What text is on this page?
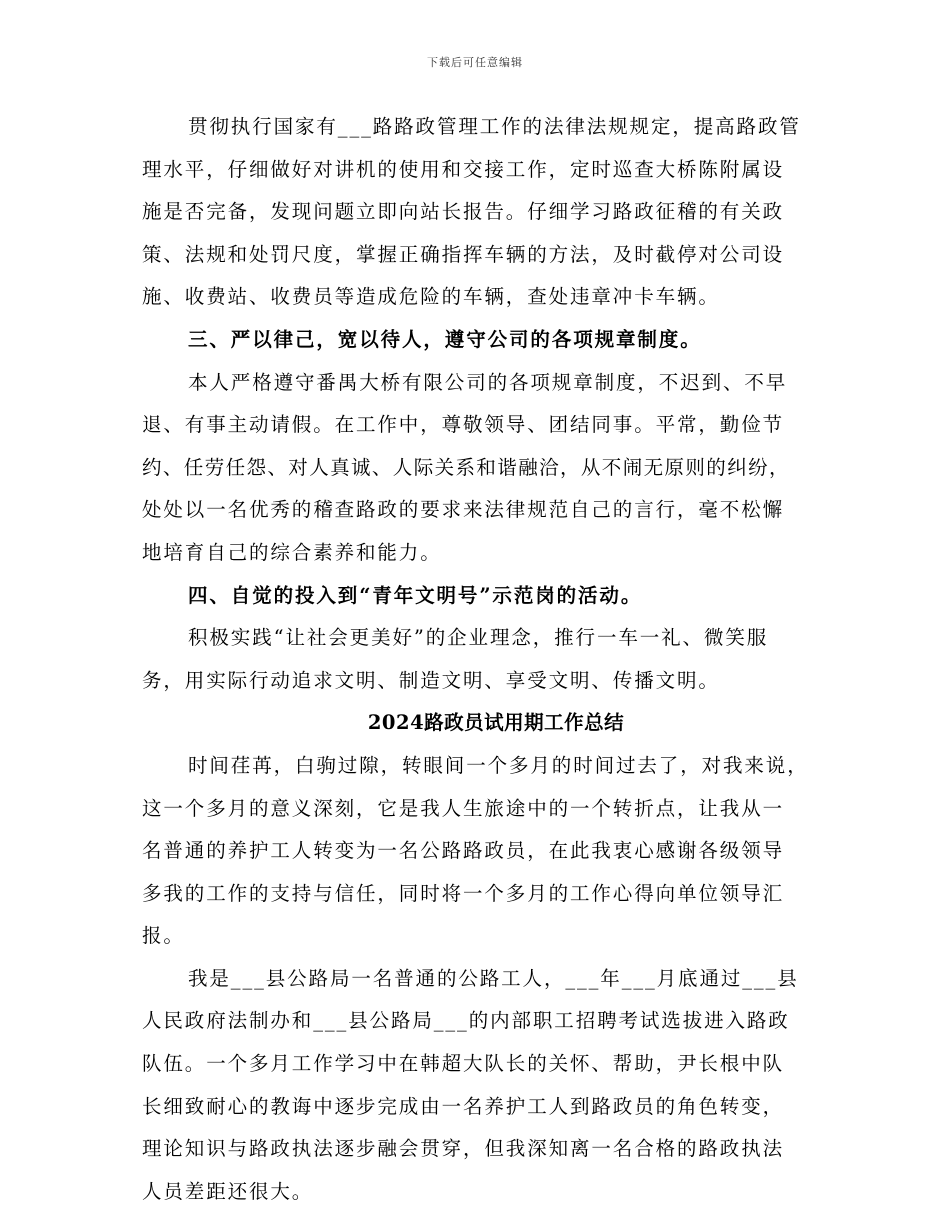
下载后可任意编辑
贯彻执行国家有___路路政管理工作的法律法规规定，提高路政管
理水平，仔细做好对讲机的使用和交接工作，定时巡查大桥陈附属设
施是否完备，发现问题立即向站长报告。仔细学习路政征稽的有关政
策、法规和处罚尺度，掌握正确指挥车辆的方法，及时截停对公司设
施、收费站、收费员等造成危险的车辆，查处违章冲卡车辆。
三、严以律己，宽以待人，遵守公司的各项规章制度。
本人严格遵守番禺大桥有限公司的各项规章制度，不迟到、不早
退、有事主动请假。在工作中，尊敬领导、团结同事。平常，勤俭节
约、任劳任怨、对人真诚、人际关系和谐融洽，从不闹无原则的纠纷，
处处以一名优秀的稽查路政的要求来法律规范自己的言行，毫不松懈
地培育自己的综合素养和能力。
四、自觉的投入到“青年文明号”示范岗的活动。
积极实践“让社会更美好”的企业理念，推行一车一礼、微笑服
务，用实际行动追求文明、制造文明、享受文明、传播文明。
2024路政员试用期工作总结
时间荏苒，白驹过隙，转眼间一个多月的时间过去了，对我来说，
这一个多月的意义深刻，它是我人生旅途中的一个转折点，让我从一
名普通的养护工人转变为一名公路路政员，在此我衷心感谢各级领导
多我的工作的支持与信任，同时将一个多月的工作心得向单位领导汇
报。
我是___县公路局一名普通的公路工人，___年___月底通过___县
人民政府法制办和___县公路局___的内部职工招聘考试选拔进入路政
队伍。一个多月工作学习中在韩超大队长的关怀、帮助，尹长根中队
长细致耐心的教诲中逐步完成由一名养护工人到路政员的角色转变，
理论知识与路政执法逐步融会贯穿，但我深知离一名合格的路政执法
人员差距还很大。
